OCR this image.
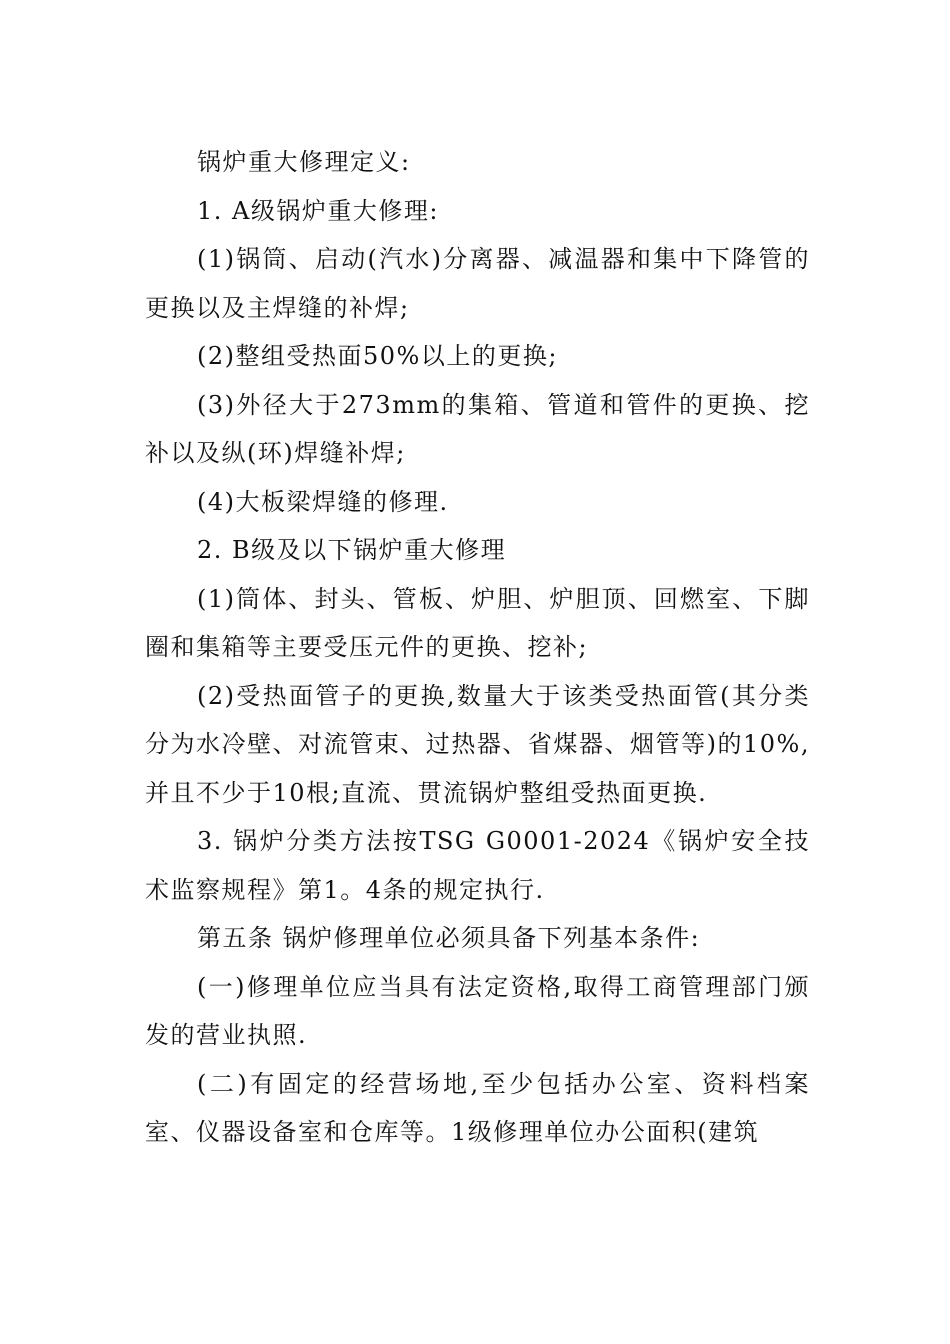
锅炉重大修理定义:

1. A级锅炉重大修理:

(1)锅筒、启动(汽水)分离器、减温器和集中下降管的更换以及主焊缝的补焊;

(2)整组受热面50%以上的更换;

(3)外径大于273mm的集箱、管道和管件的更换、挖补以及纵(环)焊缝补焊;

(4)大板梁焊缝的修理.

2. B级及以下锅炉重大修理

(1)筒体、封头、管板、炉胆、炉胆顶、回燃室、下脚圈和集箱等主要受压元件的更换、挖补;

(2)受热面管子的更换,数量大于该类受热面管(其分类分为水冷壁、对流管束、过热器、省煤器、烟管等)的10%,并且不少于10根;直流、贯流锅炉整组受热面更换.

3. 锅炉分类方法按TSG G0001-2024《锅炉安全技术监察规程》第1。4条的规定执行.

第五条 锅炉修理单位必须具备下列基本条件:

(一)修理单位应当具有法定资格,取得工商管理部门颁发的营业执照.

(二)有固定的经营场地,至少包括办公室、资料档案室、仪器设备室和仓库等。1级修理单位办公面积(建筑
